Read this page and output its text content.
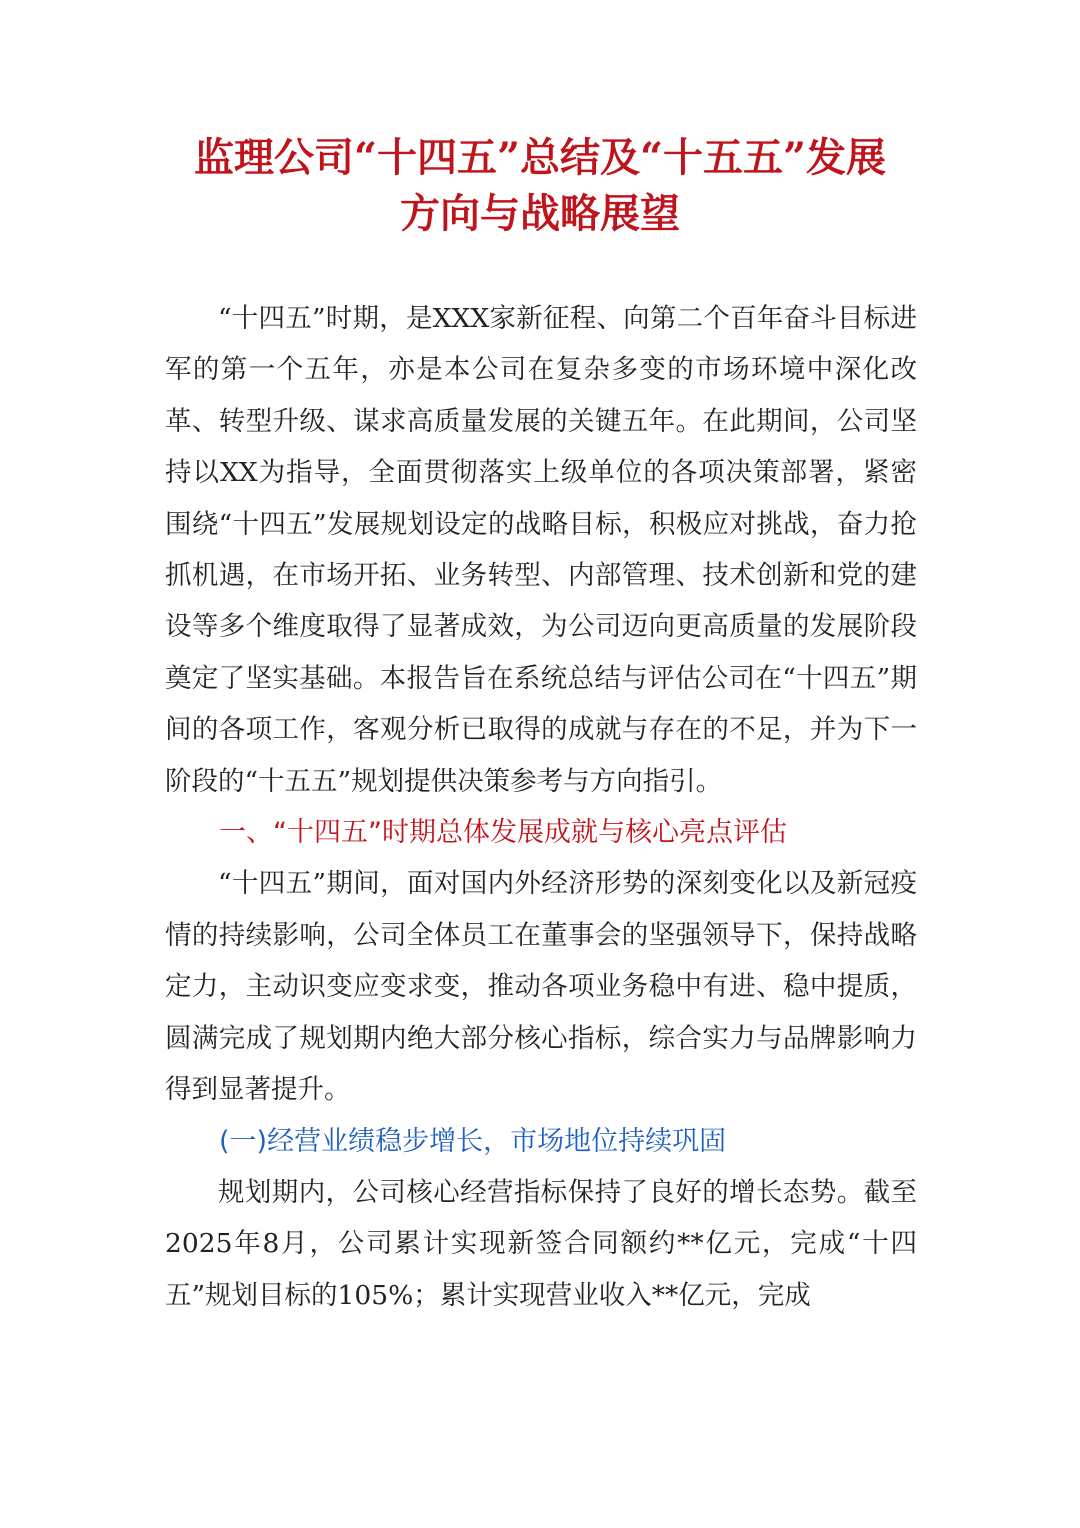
监理公司“十四五”总结及“十五五”发展
方向与战略展望

“十四五”时期，是XXX家新征程、向第二个百年奋斗目标进军的第一个五年，亦是本公司在复杂多变的市场环境中深化改革、转型升级、谋求高质量发展的关键五年。在此期间，公司坚持以XX为指导，全面贯彻落实上级单位的各项决策部署，紧密围绕“十四五”发展规划设定的战略目标，积极应对挑战，奋力抢抓机遇，在市场开拓、业务转型、内部管理、技术创新和党的建设等多个维度取得了显著成效，为公司迈向更高质量的发展阶段奠定了坚实基础。本报告旨在系统总结与评估公司在“十四五”期间的各项工作，客观分析已取得的成就与存在的不足，并为下一阶段的“十五五”规划提供决策参考与方向指引。

一、“十四五”时期总体发展成就与核心亮点评估

“十四五”期间，面对国内外经济形势的深刻变化以及新冠疫情的持续影响，公司全体员工在董事会的坚强领导下，保持战略定力，主动识变应变求变，推动各项业务稳中有进、稳中提质，圆满完成了规划期内绝大部分核心指标，综合实力与品牌影响力得到显著提升。

(一)经营业绩稳步增长，市场地位持续巩固

规划期内，公司核心经营指标保持了良好的增长态势。截至2025年8月，公司累计实现新签合同额约**亿元，完成“十四五”规划目标的105%；累计实现营业收入**亿元，完成
